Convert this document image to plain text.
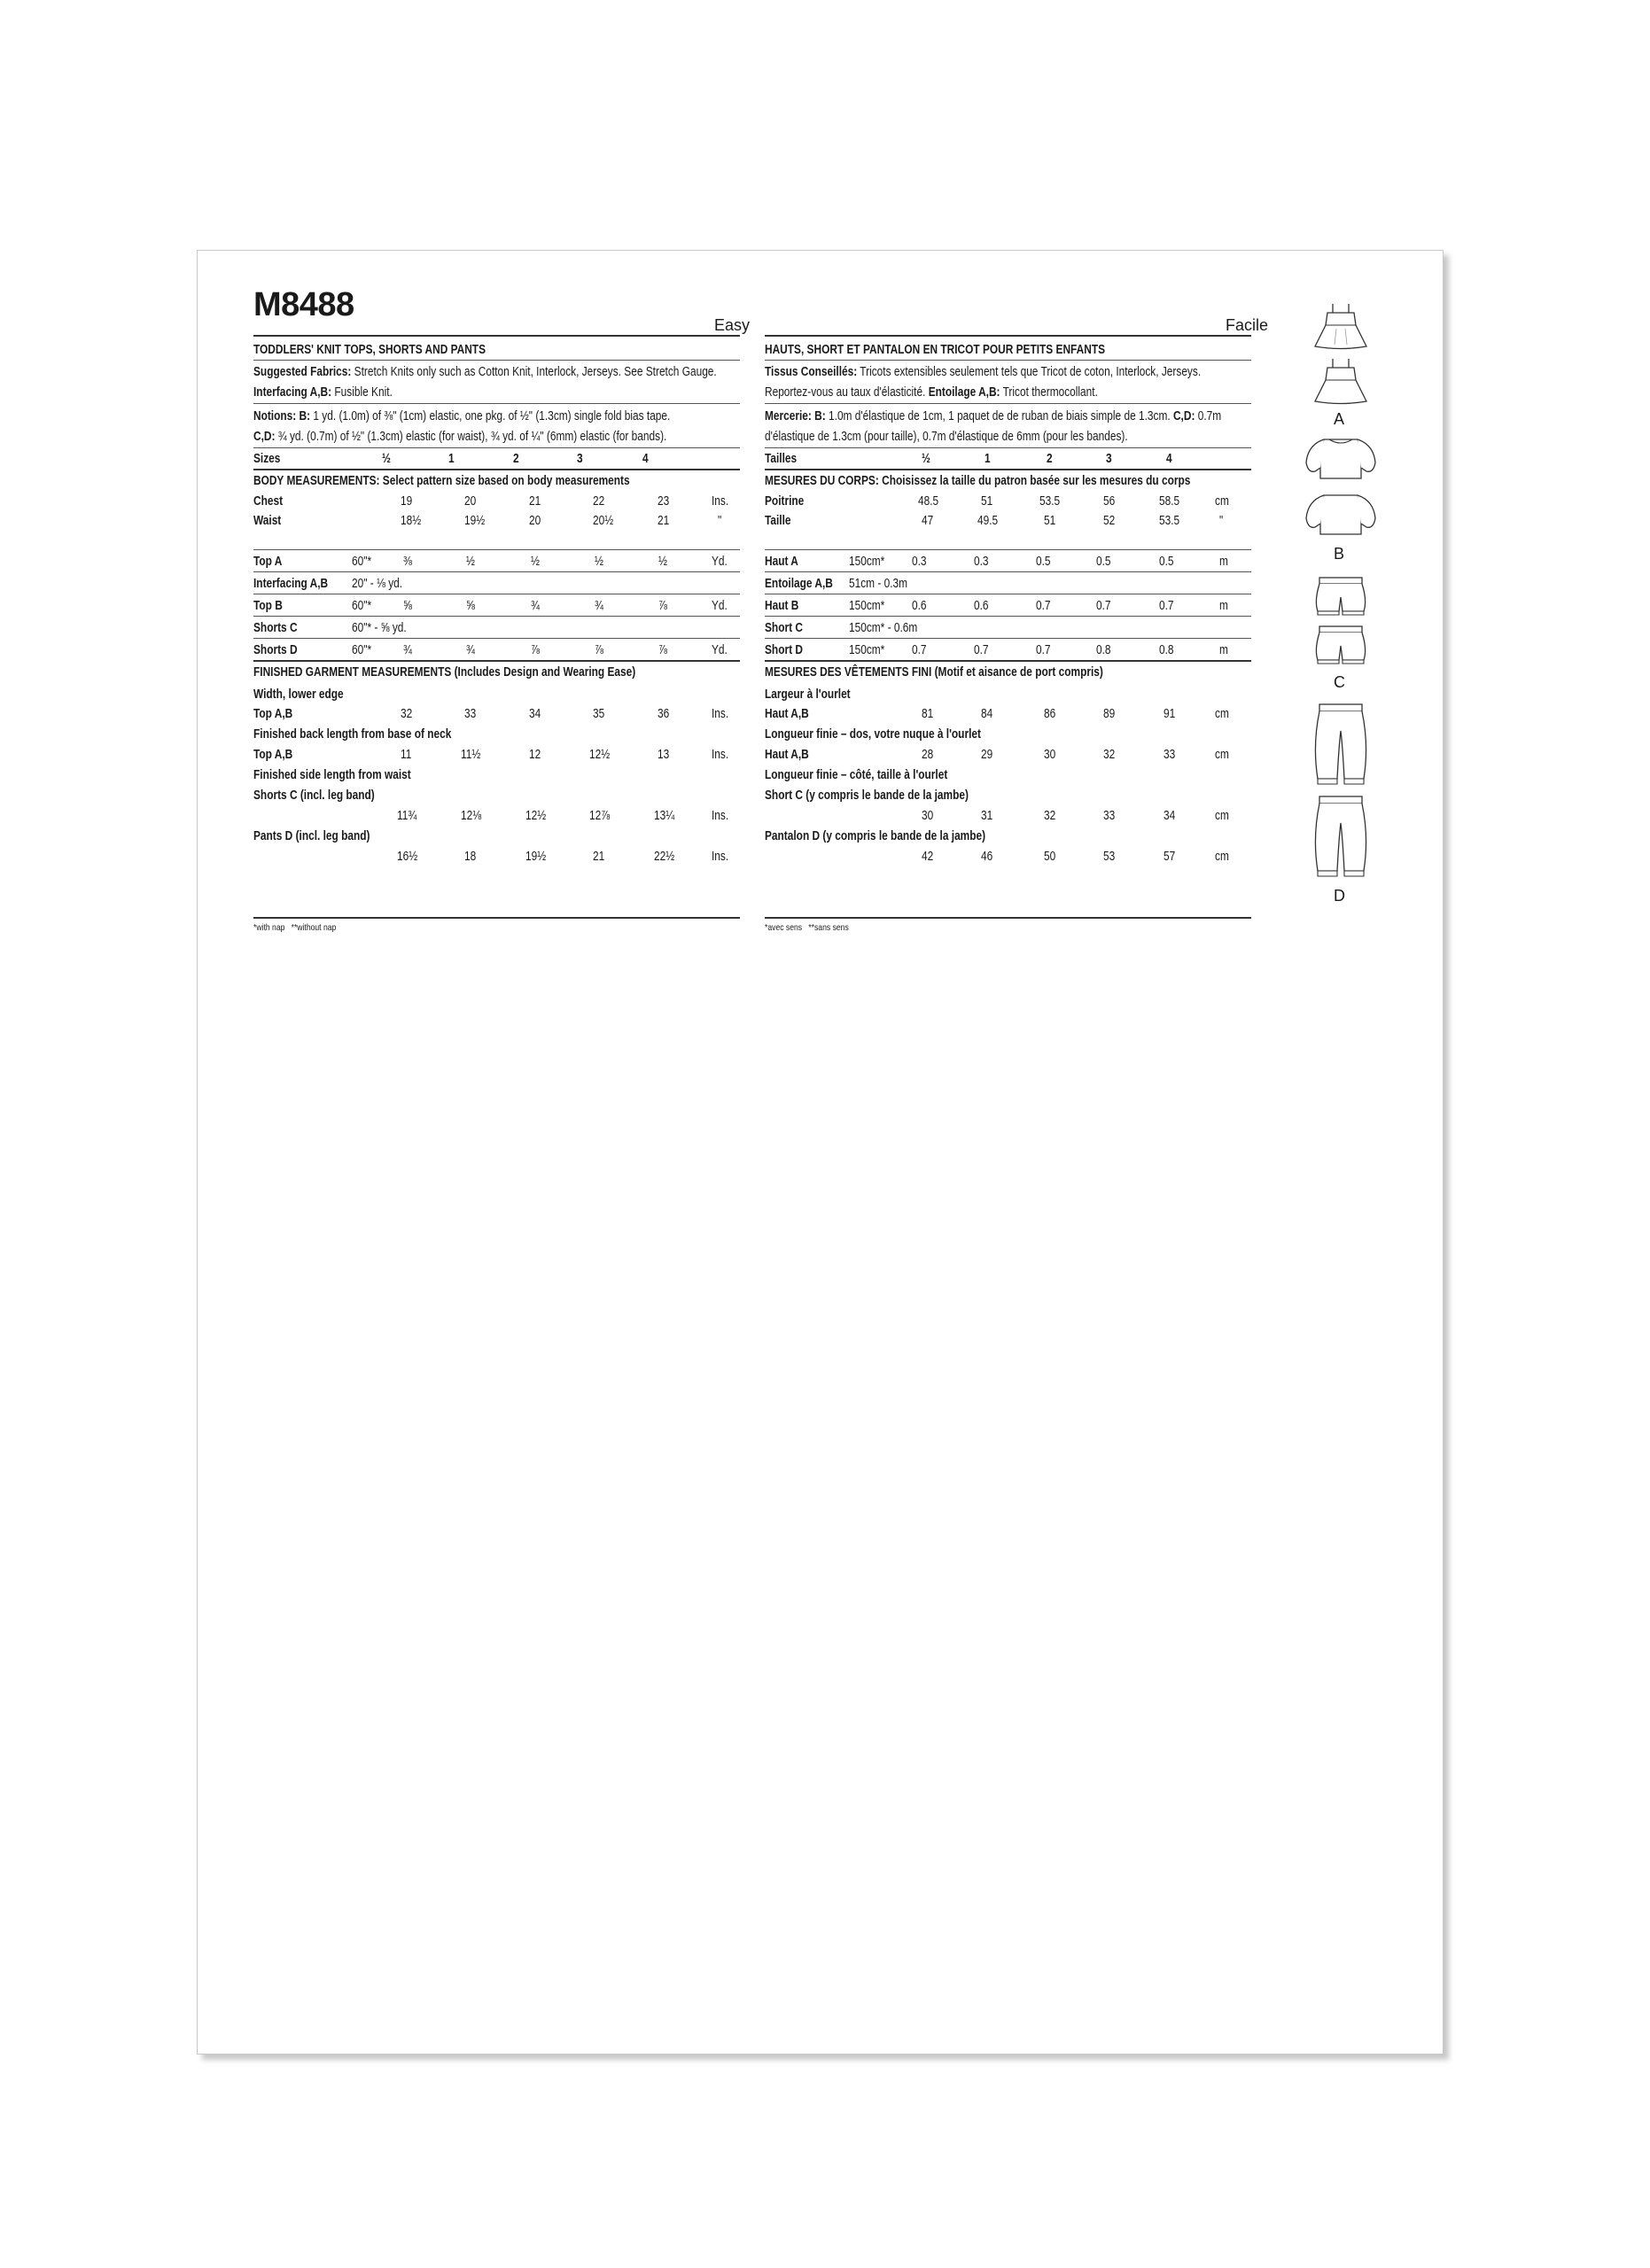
M8488
Easy
TODDLERS' KNIT TOPS, SHORTS AND PANTS
Suggested Fabrics: Stretch Knits only such as Cotton Knit, Interlock, Jerseys. See Stretch Gauge.
Interfacing A,B: Fusible Knit.
Notions: B: 1 yd. (1.0m) of ⅜" (1cm) elastic, one pkg. of ½" (1.3cm) single fold bias tape.
C,D: ¾ yd. (0.7m) of ½" (1.3cm) elastic (for waist), ¾ yd. of ¼" (6mm) elastic (for bands).
Sizes	½	1	2	3	4
BODY MEASUREMENTS: Select pattern size based on body measurements
Chest	19	20	21	22	23	Ins.
Waist	18½	19½	20	20½	21	"
Top A	60"* ⅜	½	½	½	½	Yd.
Interfacing A,B 20" - ⅛ yd.
Top B	60"* ⅝	⅝	¾	¾	⅞	Yd.
Shorts C	60"* - ⅝ yd.
Shorts D	60"* ¾	¾	⅞	⅞	⅞	Yd.
FINISHED GARMENT MEASUREMENTS (Includes Design and Wearing Ease)
Width, lower edge
Top A,B	32	33	34	35	36	Ins.
Finished back length from base of neck
Top A,B	11	11½	12	12½	13	Ins.
Finished side length from waist
Shorts C (incl. leg band)
11¾	12⅛	12½	12⅞	13¼	Ins.
Pants D (incl. leg band)
16½	18	19½	21	22½	Ins.
*with nap   **without nap
Facile
HAUTS, SHORT ET PANTALON EN TRICOT POUR PETITS ENFANTS
Tissus Conseillés: Tricots extensibles seulement tels que Tricot de coton, Interlock, Jerseys.
Reportez-vous au taux d'élasticité. Entoilage A,B: Tricot thermocollant.
Mercerie: B: 1.0m d'élastique de 1cm, 1 paquet de de ruban de biais simple de 1.3cm. C,D: 0.7m
d'élastique de 1.3cm (pour taille), 0.7m d'élastique de 6mm (pour les bandes).
Tailles	½	1	2	3	4
MESURES DU CORPS: Choisissez la taille du patron basée sur les mesures du corps
Poitrine	48.5	51	53.5	56	58.5	cm
Taille	47	49.5	51	52	53.5	"
Haut A	150cm* 0.3	0.3	0.5	0.5	0.5	m
Entoilage A,B 51cm - 0.3m
Haut B	150cm* 0.6	0.6	0.7	0.7	0.7	m
Short C	150cm* - 0.6m
Short D	150cm* 0.7	0.7	0.7	0.8	0.8	m
MESURES DES VÊTEMENTS FINI (Motif et aisance de port compris)
Largeur à l'ourlet
Haut A,B	81	84	86	89	91	cm
Longueur finie – dos, votre nuque à l'ourlet
Haut A,B	28	29	30	32	33	cm
Longueur finie – côté, taille à l'ourlet
Short C (y compris le bande de la jambe)
30	31	32	33	34	cm
Pantalon D (y compris le bande de la jambe)
42	46	50	53	57	cm
*avec sens   **sans sens
A
B
C
D
